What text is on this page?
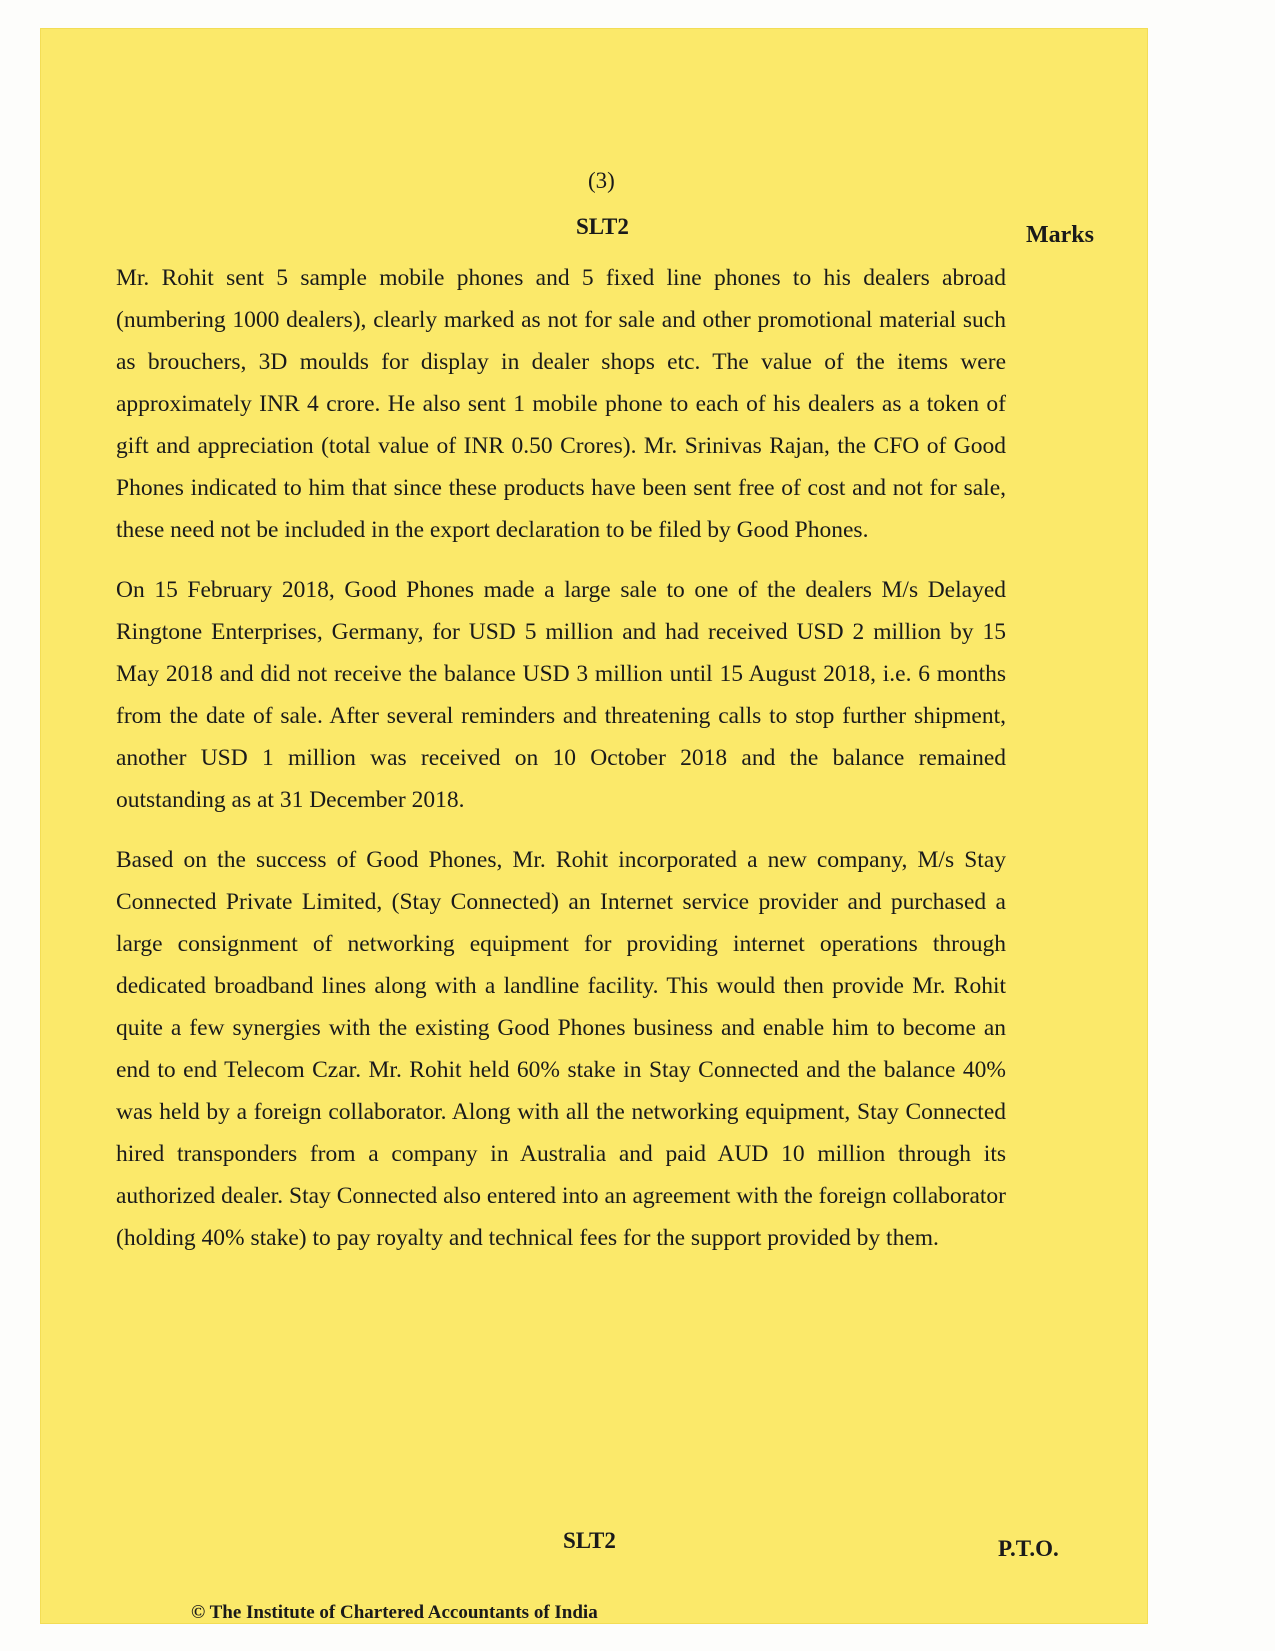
(3)
SLT2	Marks

Mr. Rohit sent 5 sample mobile phones and 5 fixed line phones to his dealers abroad (numbering 1000 dealers), clearly marked as not for sale and other promotional material such as brouchers, 3D moulds for display in dealer shops etc. The value of the items were approximately INR 4 crore. He also sent 1 mobile phone to each of his dealers as a token of gift and appreciation (total value of INR 0.50 Crores). Mr. Srinivas Rajan, the CFO of Good Phones indicated to him that since these products have been sent free of cost and not for sale, these need not be included in the export declaration to be filed by Good Phones.

On 15 February 2018, Good Phones made a large sale to one of the dealers M/s Delayed Ringtone Enterprises, Germany, for USD 5 million and had received USD 2 million by 15 May 2018 and did not receive the balance USD 3 million until 15 August 2018, i.e. 6 months from the date of sale. After several reminders and threatening calls to stop further shipment, another USD 1 million was received on 10 October 2018 and the balance remained outstanding as at 31 December 2018.

Based on the success of Good Phones, Mr. Rohit incorporated a new company, M/s Stay Connected Private Limited, (Stay Connected) an Internet service provider and purchased a large consignment of networking equipment for providing internet operations through dedicated broadband lines along with a landline facility. This would then provide Mr. Rohit quite a few synergies with the existing Good Phones business and enable him to become an end to end Telecom Czar. Mr. Rohit held 60% stake in Stay Connected and the balance 40% was held by a foreign collaborator. Along with all the networking equipment, Stay Connected hired transponders from a company in Australia and paid AUD 10 million through its authorized dealer. Stay Connected also entered into an agreement with the foreign collaborator (holding 40% stake) to pay royalty and technical fees for the support provided by them.

SLT2	P.T.O.
© The Institute of Chartered Accountants of India
